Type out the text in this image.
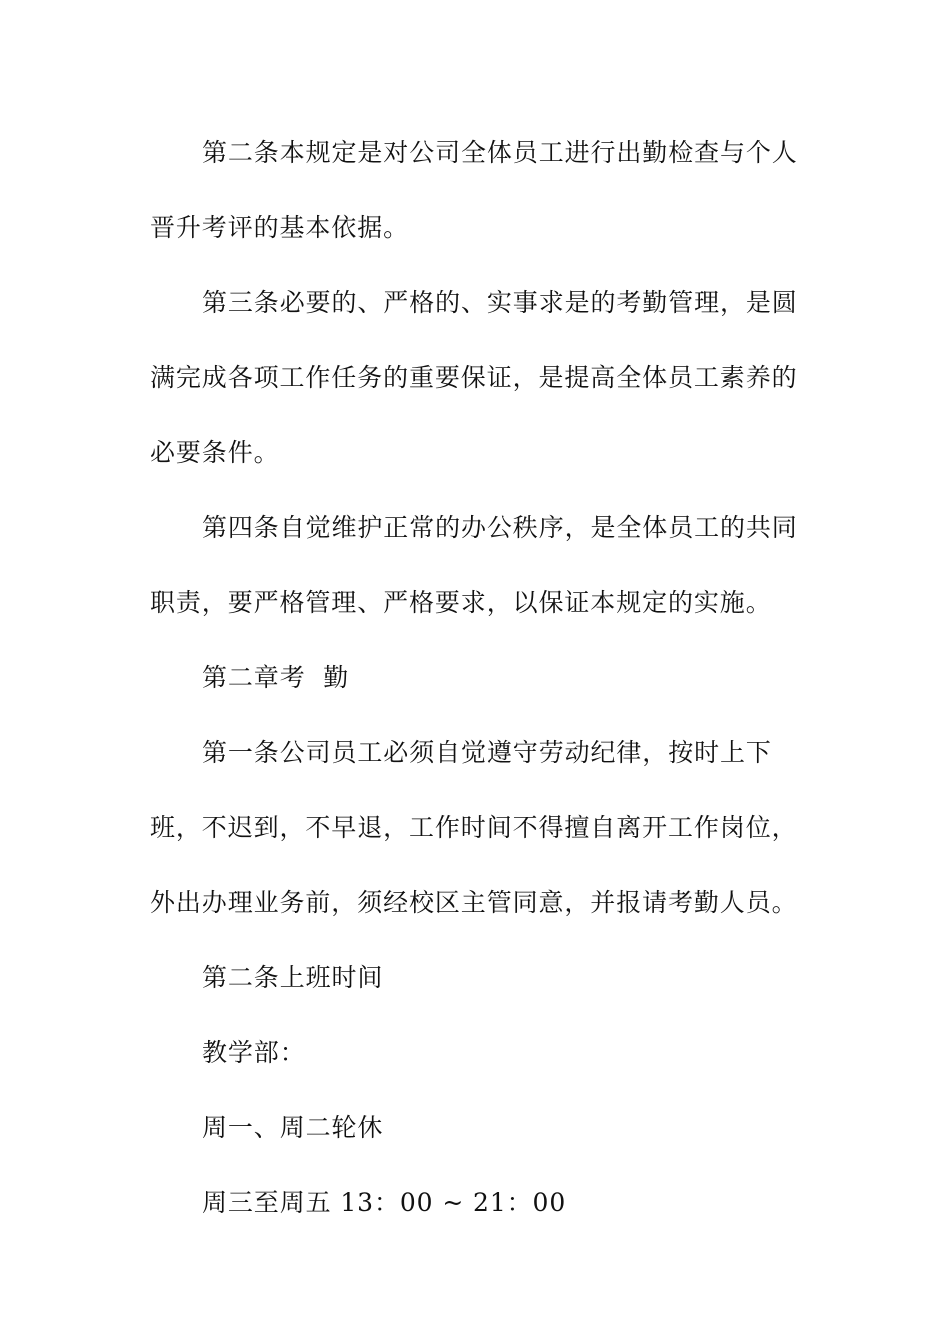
第二条本规定是对公司全体员工进行出勤检查与个人
晋升考评的基本依据。
第三条必要的、严格的、实事求是的考勤管理，是圆
满完成各项工作任务的重要保证，是提高全体员工素养的
必要条件。
第四条自觉维护正常的办公秩序，是全体员工的共同
职责，要严格管理、严格要求，以保证本规定的实施。
第二章考  勤
第一条公司员工必须自觉遵守劳动纪律，按时上下
班，不迟到，不早退，工作时间不得擅自离开工作岗位，
外出办理业务前，须经校区主管同意，并报请考勤人员。
第二条上班时间
教学部：
周一、周二轮休
周三至周五 13：00 ~ 21：00
